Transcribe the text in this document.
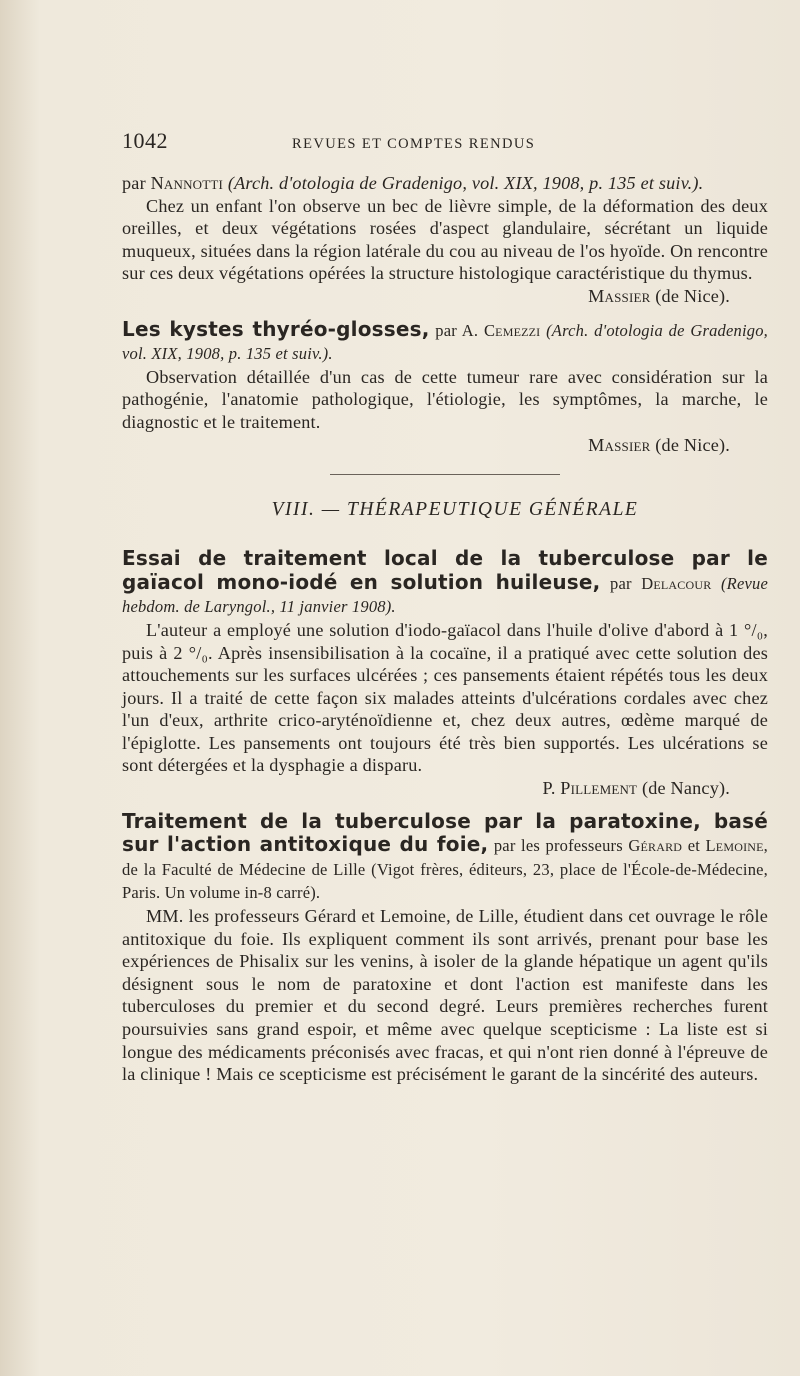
1042	REVUES ET COMPTES RENDUS

par Nannotti (Arch. d'otologia de Gradenigo, vol. XIX, 1908, p. 135 et suiv.).

Chez un enfant l'on observe un bec de lièvre simple, de la déformation des deux oreilles, et deux végétations rosées d'aspect glandulaire, sécrétant un liquide muqueux, situées dans la région latérale du cou au niveau de l'os hyoïde. On rencontre sur ces deux végétations opérées la structure histologique caractéristique du thymus.

Massier (de Nice).

Les kystes thyréo-glosses, par A. Cemezzi (Arch. d'otologia de Gradenigo, vol. XIX, 1908, p. 135 et suiv.).

Observation détaillée d'un cas de cette tumeur rare avec considération sur la pathogénie, l'anatomie pathologique, l'étiologie, les symptômes, la marche, le diagnostic et le traitement.

Massier (de Nice).

VIII. — THÉRAPEUTIQUE GÉNÉRALE

Essai de traitement local de la tuberculose par le gaïacol mono-iodé en solution huileuse, par Delacour (Revue hebdom. de Laryngol., 11 janvier 1908).

L'auteur a employé une solution d'iodo-gaïacol dans l'huile d'olive d'abord à 1 °/₀, puis à 2 °/₀. Après insensibilisation à la cocaïne, il a pratiqué avec cette solution des attouchements sur les surfaces ulcérées ; ces pansements étaient répétés tous les deux jours. Il a traité de cette façon six malades atteints d'ulcérations cordales avec chez l'un d'eux, arthrite crico-aryténoïdienne et, chez deux autres, œdème marqué de l'épiglotte. Les pansements ont toujours été très bien supportés. Les ulcérations se sont détergées et la dysphagie a disparu.

P. Pillement (de Nancy).

Traitement de la tuberculose par la paratoxine, basé sur l'action antitoxique du foie, par les professeurs Gérard et Lemoine, de la Faculté de Médecine de Lille (Vigot frères, éditeurs, 23, place de l'École-de-Médecine, Paris. Un volume in-8 carré).

MM. les professeurs Gérard et Lemoine, de Lille, étudient dans cet ouvrage le rôle antitoxique du foie. Ils expliquent comment ils sont arrivés, prenant pour base les expériences de Phisalix sur les venins, à isoler de la glande hépatique un agent qu'ils désignent sous le nom de paratoxine et dont l'action est manifeste dans les tuberculoses du premier et du second degré. Leurs premières recherches furent poursuivies sans grand espoir, et même avec quelque scepticisme : La liste est si longue des médicaments préconisés avec fracas, et qui n'ont rien donné à l'épreuve de la clinique ! Mais ce scepticisme est précisément le garant de la sincérité des auteurs.
